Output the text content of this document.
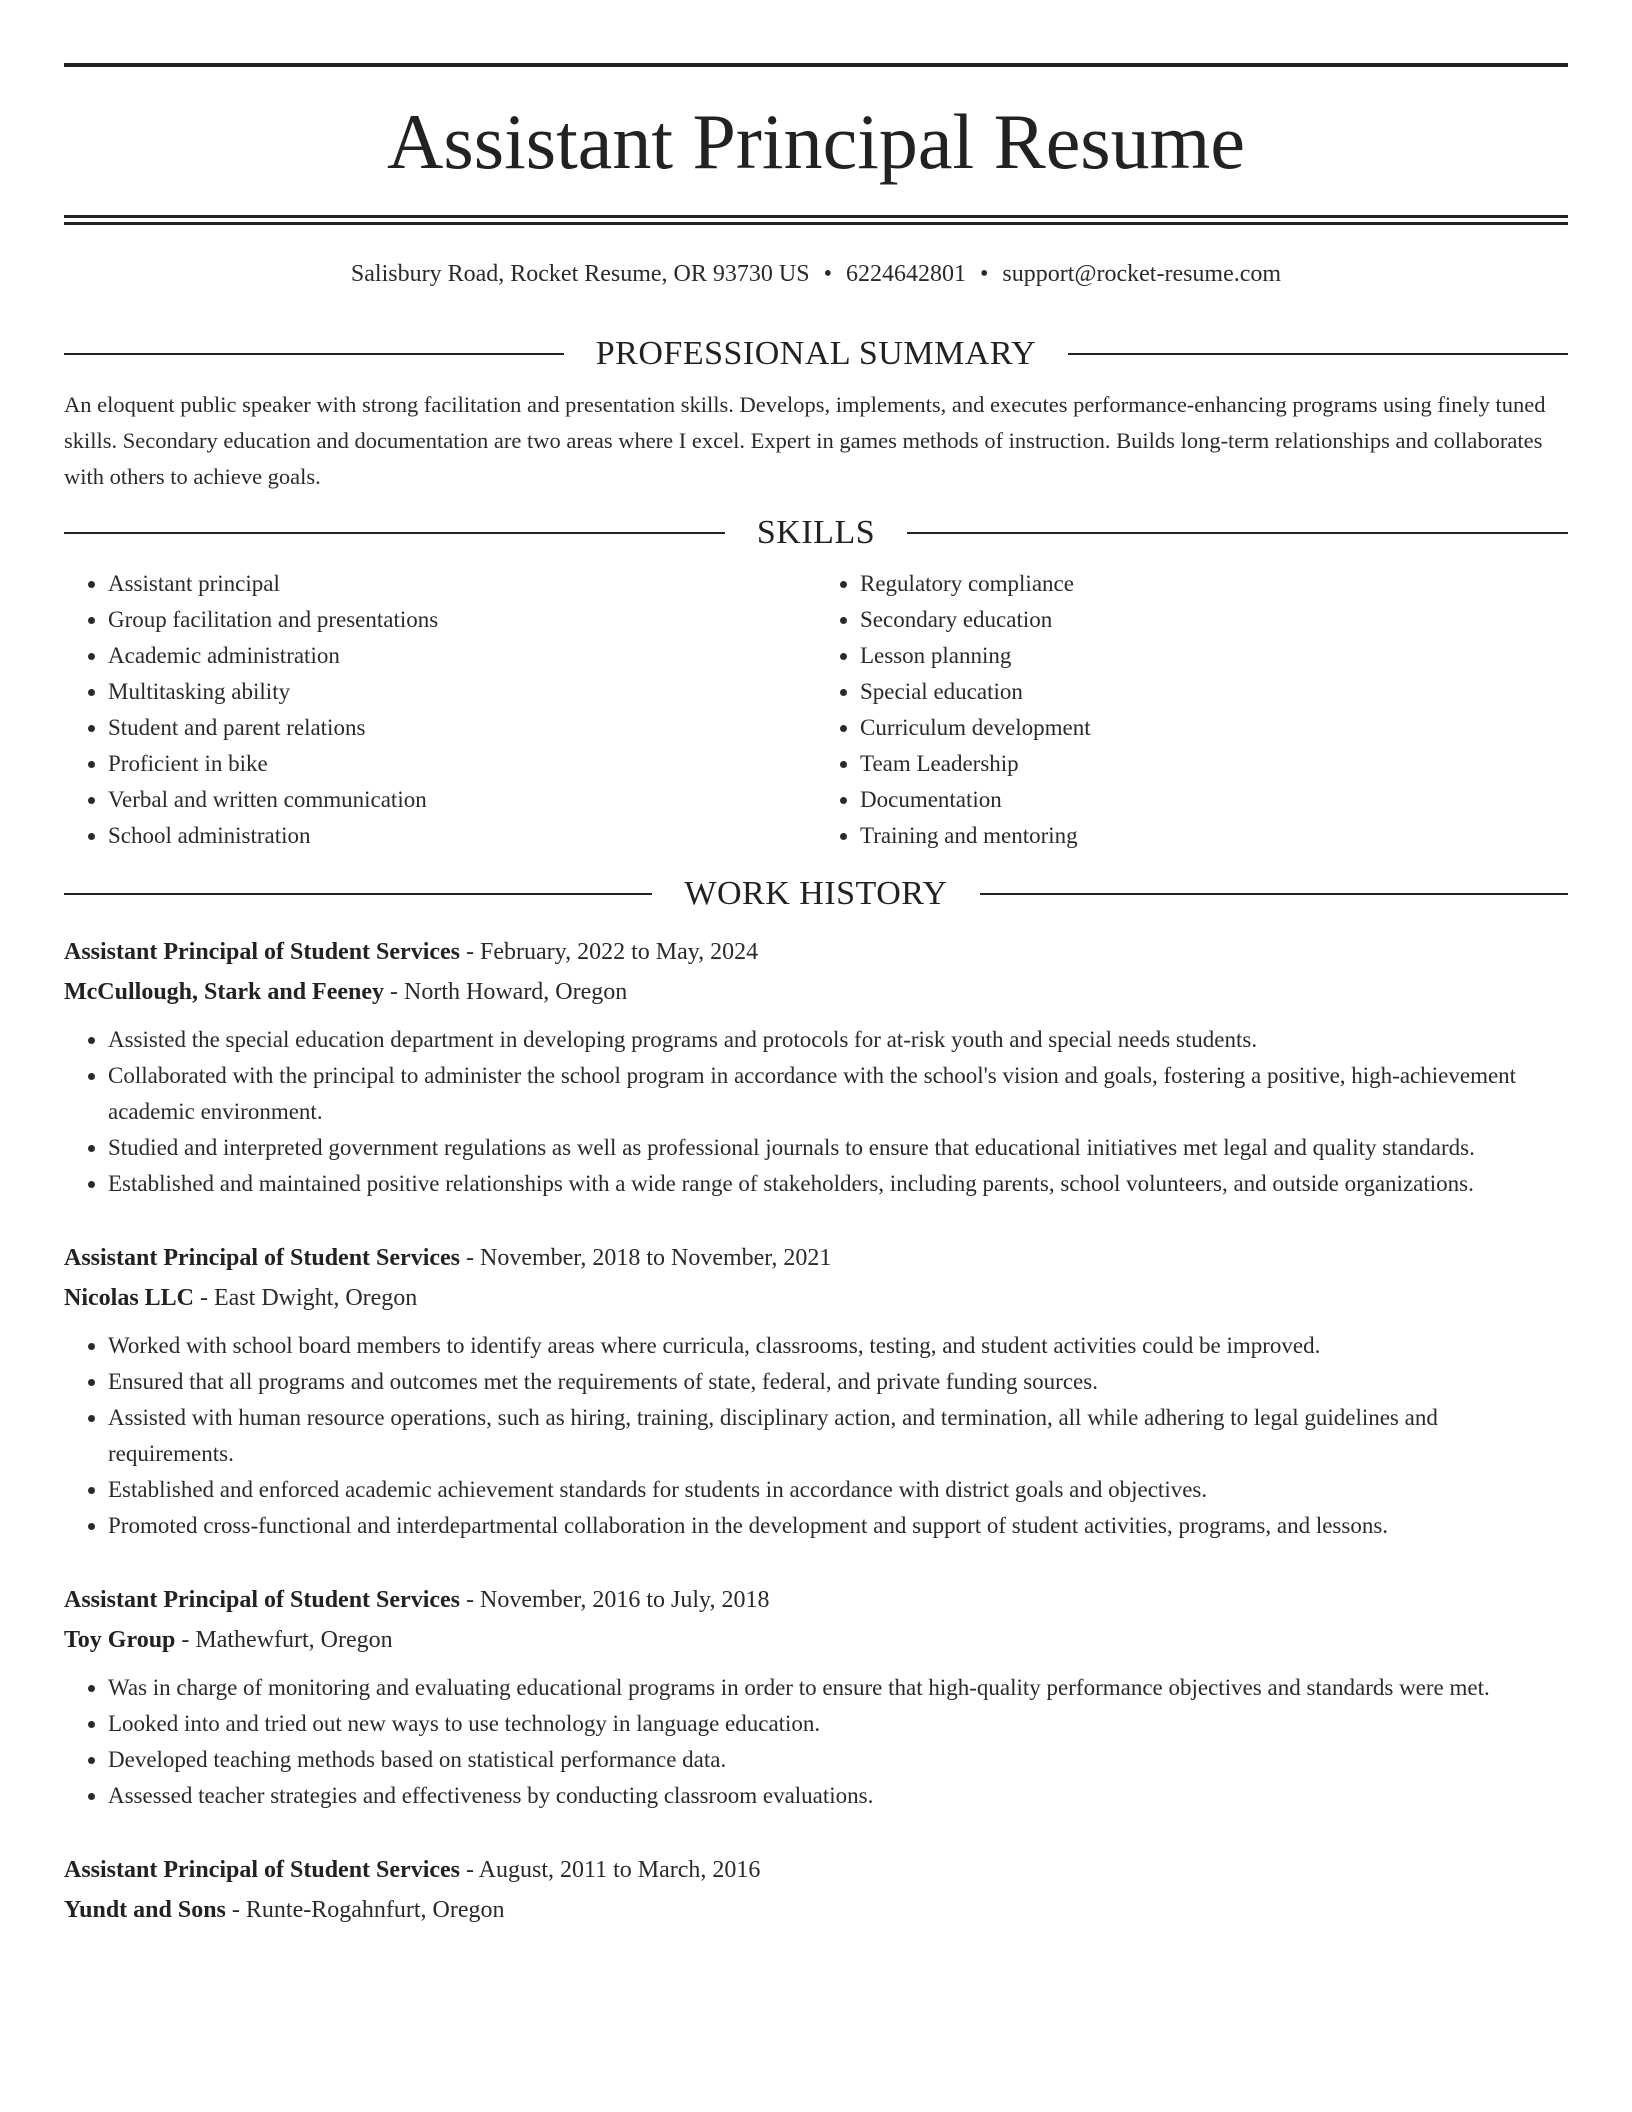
Assistant Principal Resume
Salisbury Road, Rocket Resume, OR 93730 US • 6224642801 • support@rocket-resume.com
PROFESSIONAL SUMMARY

An eloquent public speaker with strong facilitation and presentation skills. Develops, implements, and executes performance-enhancing programs using finely tuned skills. Secondary education and documentation are two areas where I excel. Expert in games methods of instruction. Builds long-term relationships and collaborates with others to achieve goals.

SKILLS
• Assistant principal
• Group facilitation and presentations
• Academic administration
• Multitasking ability
• Student and parent relations
• Proficient in bike
• Verbal and written communication
• School administration
• Regulatory compliance
• Secondary education
• Lesson planning
• Special education
• Curriculum development
• Team Leadership
• Documentation
• Training and mentoring
WORK HISTORY
Assistant Principal of Student Services - February, 2022 to May, 2024
McCullough, Stark and Feeney - North Howard, Oregon
• Assisted the special education department in developing programs and protocols for at-risk youth and special needs students.
• Collaborated with the principal to administer the school program in accordance with the school's vision and goals, fostering a positive, high-achievement academic environment.
• Studied and interpreted government regulations as well as professional journals to ensure that educational initiatives met legal and quality standards.
• Established and maintained positive relationships with a wide range of stakeholders, including parents, school volunteers, and outside organizations.
Assistant Principal of Student Services - November, 2018 to November, 2021
Nicolas LLC - East Dwight, Oregon
• Worked with school board members to identify areas where curricula, classrooms, testing, and student activities could be improved.
• Ensured that all programs and outcomes met the requirements of state, federal, and private funding sources.
• Assisted with human resource operations, such as hiring, training, disciplinary action, and termination, all while adhering to legal guidelines and requirements.
• Established and enforced academic achievement standards for students in accordance with district goals and objectives.
• Promoted cross-functional and interdepartmental collaboration in the development and support of student activities, programs, and lessons.
Assistant Principal of Student Services - November, 2016 to July, 2018
Toy Group - Mathewfurt, Oregon
• Was in charge of monitoring and evaluating educational programs in order to ensure that high-quality performance objectives and standards were met.
• Looked into and tried out new ways to use technology in language education.
• Developed teaching methods based on statistical performance data.
• Assessed teacher strategies and effectiveness by conducting classroom evaluations.
Assistant Principal of Student Services - August, 2011 to March, 2016
Yundt and Sons - Runte-Rogahnfurt, Oregon
